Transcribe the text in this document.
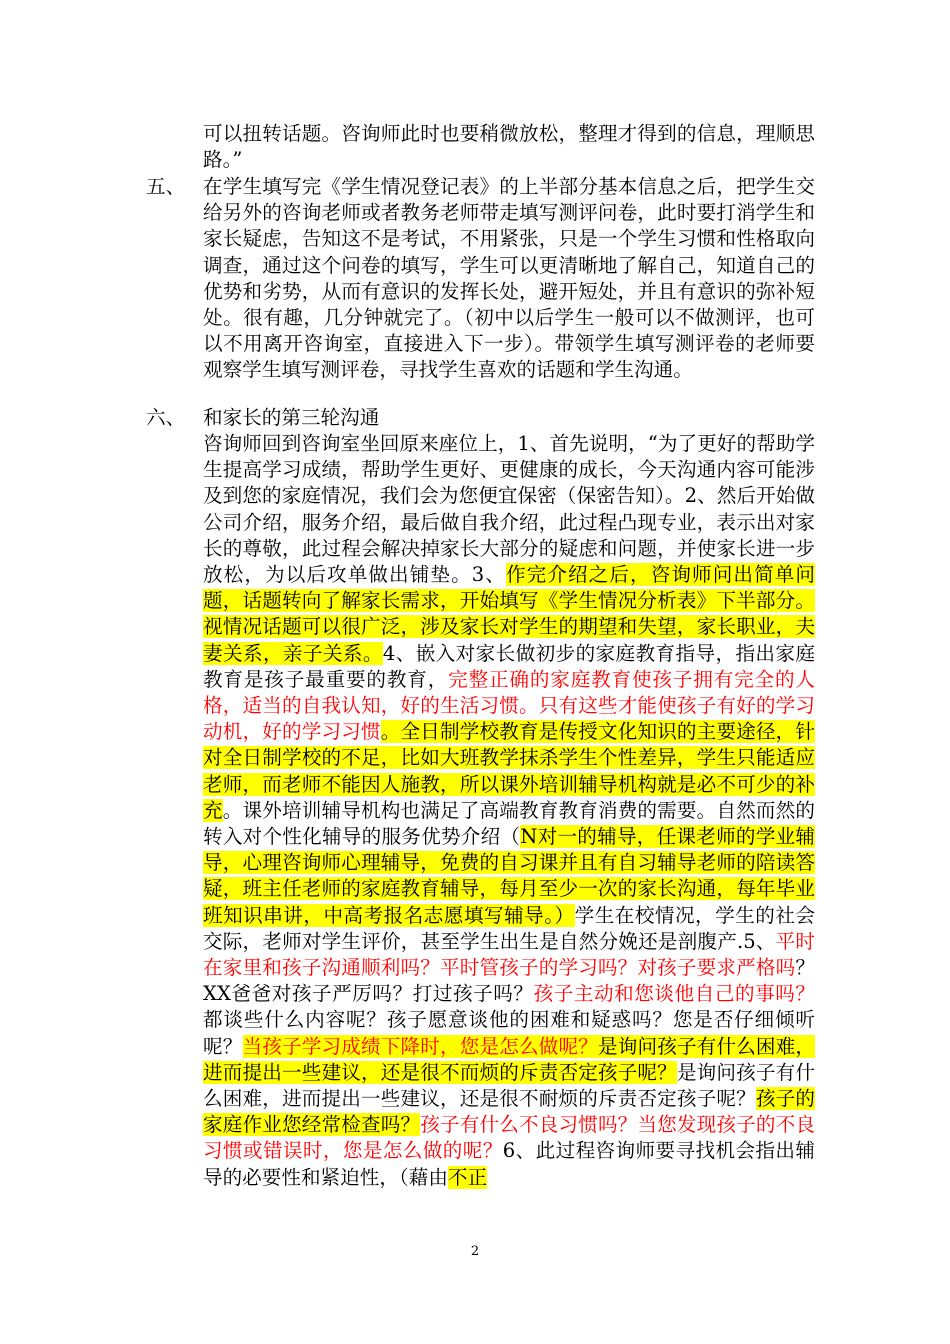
可以扭转话题。咨询师此时也要稍微放松，整理才得到的信息，理顺思路。”
五、 在学生填写完《学生情况登记表》的上半部分基本信息之后，把学生交给另外的咨询老师或者教务老师带走填写测评问卷，此时要打消学生和家长疑虑，告知这不是考试，不用紧张，只是一个学生习惯和性格取向调查，通过这个问卷的填写，学生可以更清晰地了解自己，知道自己的优势和劣势，从而有意识的发挥长处，避开短处，并且有意识的弥补短处。很有趣，几分钟就完了。（初中以后学生一般可以不做测评，也可以不用离开咨询室，直接进入下一步）。带领学生填写测评卷的老师要观察学生填写测评卷，寻找学生喜欢的话题和学生沟通。
六、 和家长的第三轮沟通
咨询师回到咨询室坐回原来座位上，1、首先说明，“为了更好的帮助学生提高学习成绩，帮助学生更好、更健康的成长，今天沟通内容可能涉及到您的家庭情况，我们会为您便宜保密（保密告知）。2、然后开始做公司介绍，服务介绍，最后做自我介绍，此过程凸现专业，表示出对家长的尊敬，此过程会解决掉家长大部分的疑虑和问题，并使家长进一步放松，为以后攻单做出铺垫。3、作完介绍之后，咨询师问出简单问题，话题转向了解家长需求，开始填写《学生情况分析表》下半部分。视情况话题可以很广泛，涉及家长对学生的期望和失望，家长职业，夫妻关系，亲子关系。4、嵌入对家长做初步的家庭教育指导，指出家庭教育是孩子最重要的教育，完整正确的家庭教育使孩子拥有完全的人格，适当的自我认知，好的生活习惯。只有这些才能使孩子有好的学习动机，好的学习习惯。全日制学校教育是传授文化知识的主要途径，针对全日制学校的不足，比如大班教学抹杀学生个性差异，学生只能适应老师，而老师不能因人施教，所以课外培训辅导机构就是必不可少的补充。课外培训辅导机构也满足了高端教育教育消费的需要。自然而然的转入对个性化辅导的服务优势介绍（N对一的辅导，任课老师的学业辅导，心理咨询师心理辅导，免费的自习课并且有自习辅导老师的陪读答疑，班主任老师的家庭教育辅导，每月至少一次的家长沟通，每年毕业班知识串讲，中高考报名志愿填写辅导。）学生在校情况，学生的社会交际，老师对学生评价，甚至学生出生是自然分娩还是剖腹产.5、平时在家里和孩子沟通顺利吗？平时管孩子的学习吗？对孩子要求严格吗？XX爸爸对孩子严厉吗？打过孩子吗？孩子主动和您谈他自己的事吗？都谈些什么内容呢？孩子愿意谈他的困难和疑惑吗？您是否仔细倾听呢？当孩子学习成绩下降时，您是怎么做呢？是询问孩子有什么困难，进而提出一些建议，还是很不而烦的斥责否定孩子呢？是询问孩子有什么困难，进而提出一些建议，还是很不耐烦的斥责否定孩子呢？孩子的家庭作业您经常检查吗？孩子有什么不良习惯吗？当您发现孩子的不良习惯或错误时，您是怎么做的呢？6、此过程咨询师要寻找机会指出辅导的必要性和紧迫性，（藉由不正
2
